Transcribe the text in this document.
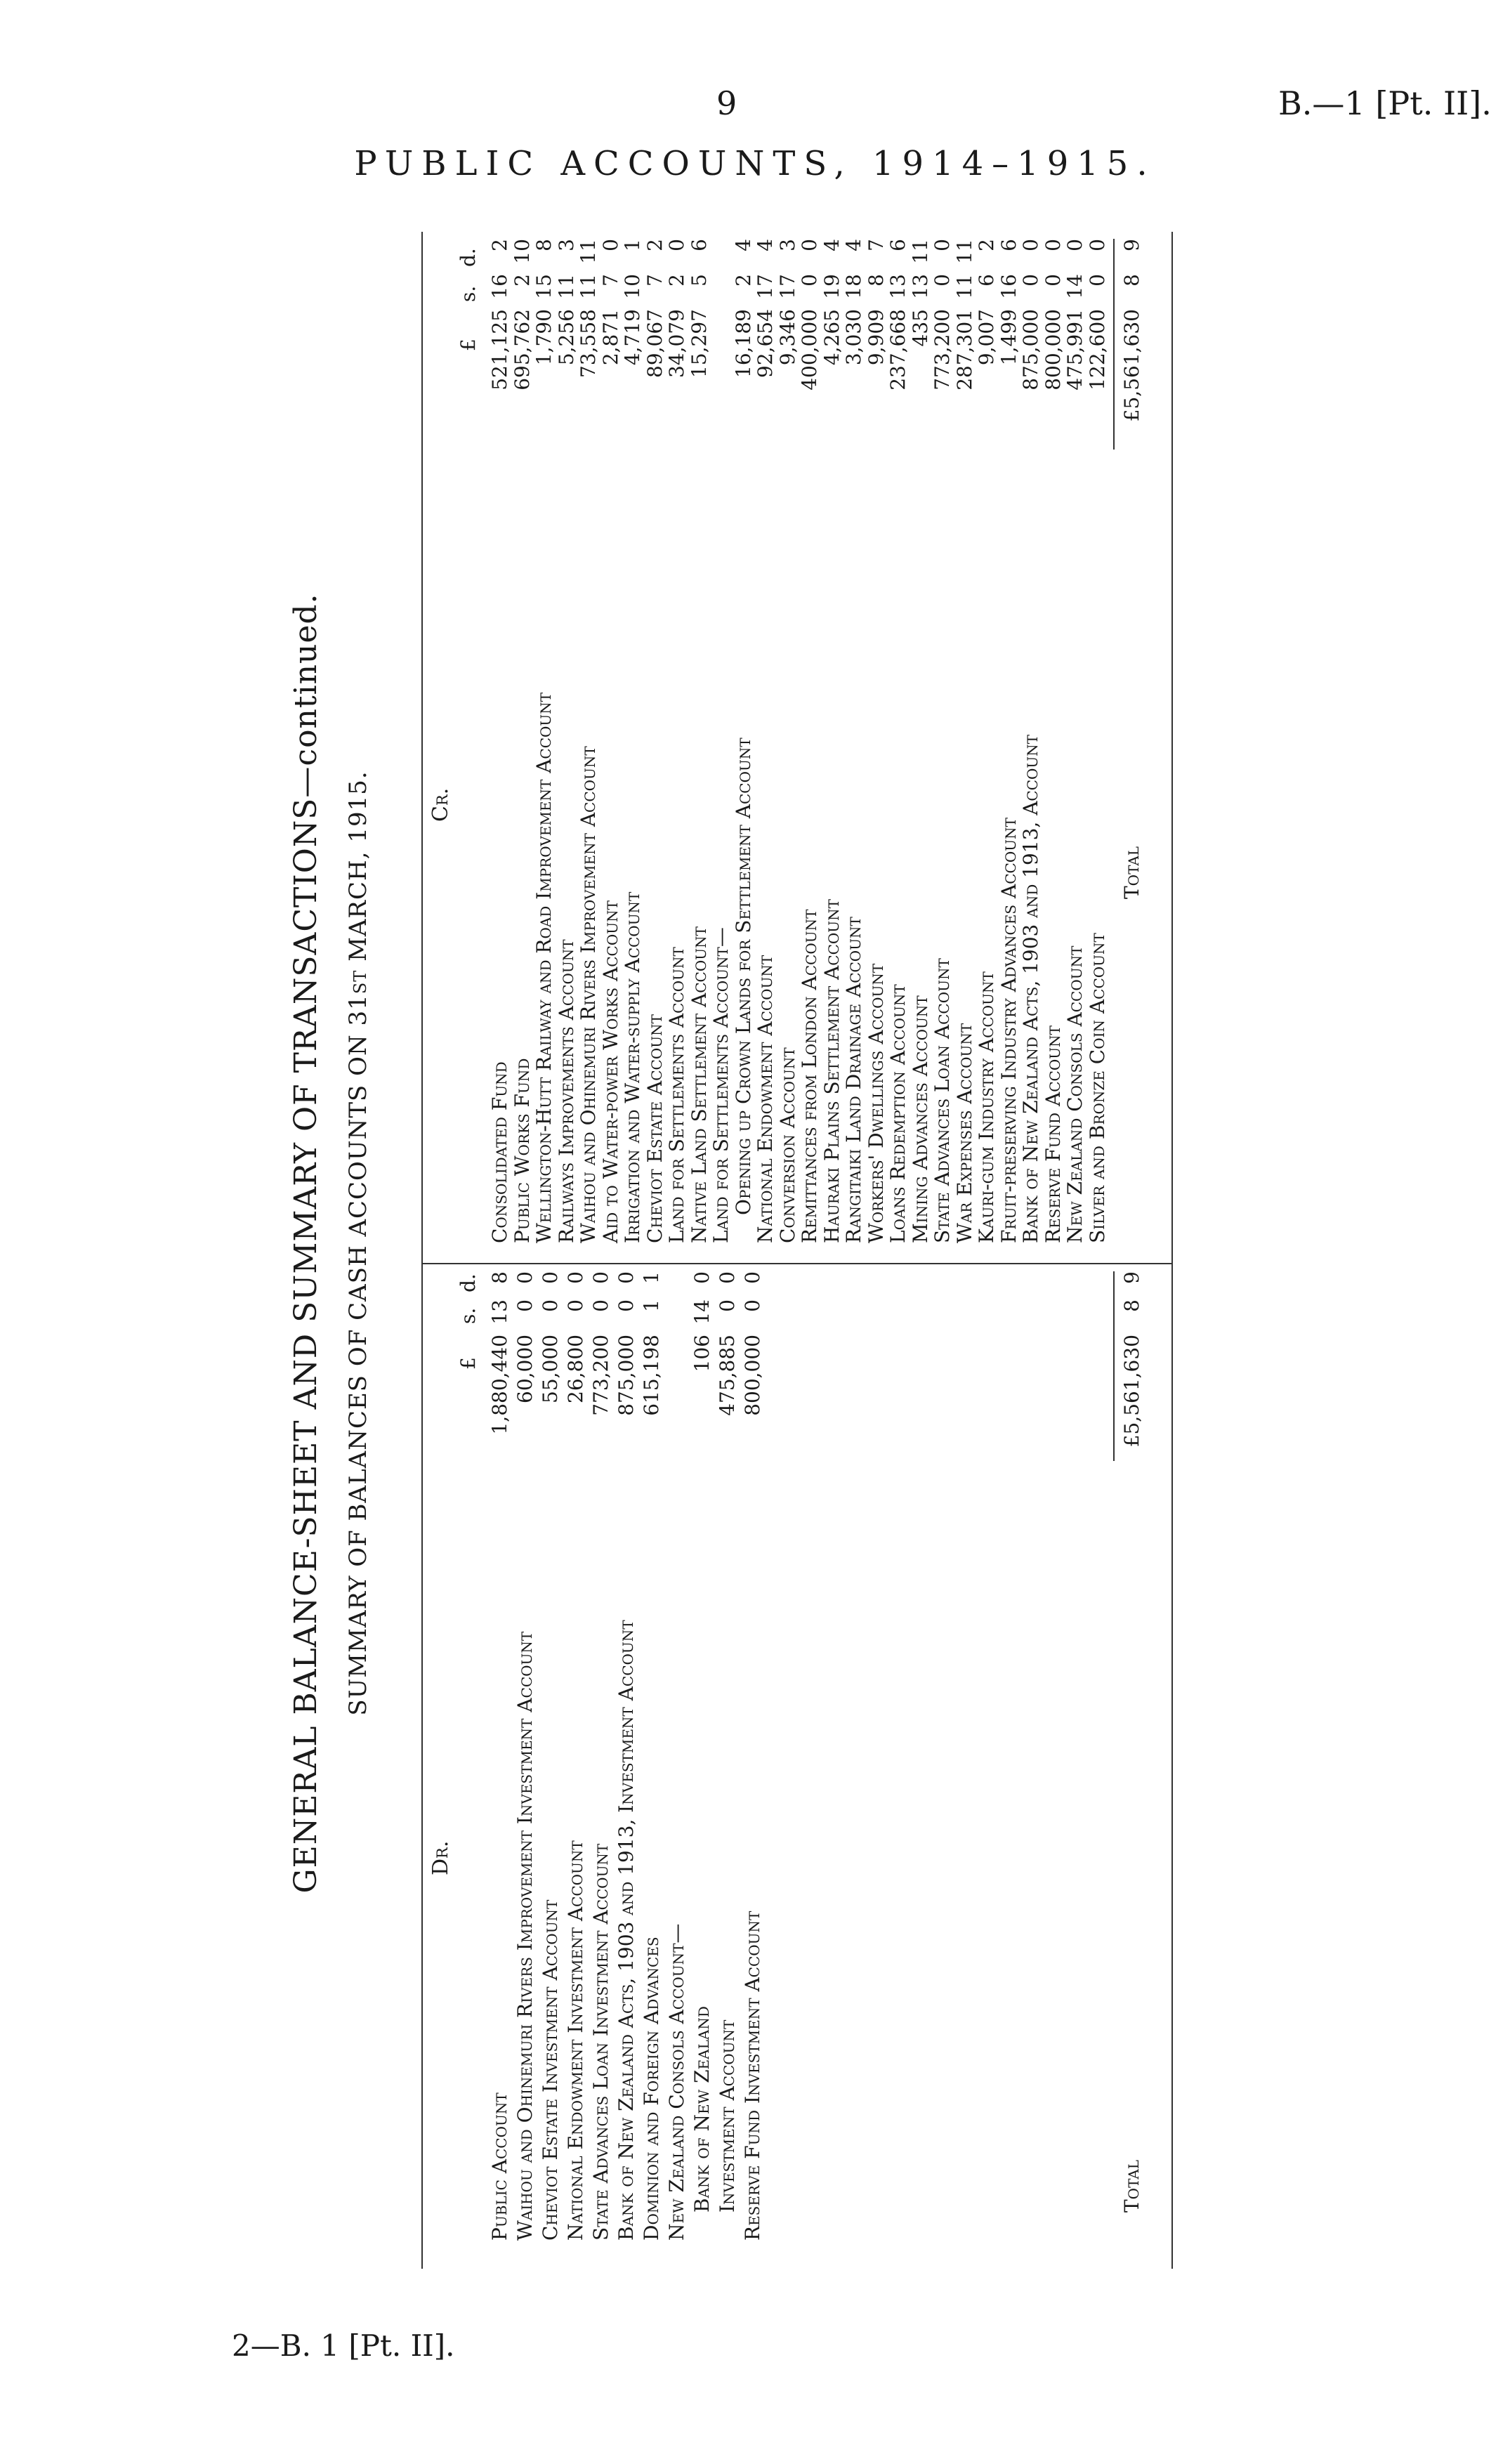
9	B.—1 [Pt. II].
PUBLIC ACCOUNTS, 1914–1915.
GENERAL BALANCE-SHEET AND SUMMARY OF TRANSACTIONS—continued. SUMMARY OF BALANCES OF CASH ACCOUNTS ON 31st MARCH, 1915.
Dr.
£
s.
d.
Public Account
1,880,440
13
8
Waihou and Ohinemuri Rivers Improvement Investment Account
60,000
0
0
Cheviot Estate Investment Account
55,000
0
0
National Endowment Investment Account
26,800
0
0
State Advances Loan Investment Account
773,200
0
0
Bank of New Zealand Acts, 1903 and 1913, Investment Account
875,000
0
0
Dominion and Foreign Advances
615,198
1
1
New Zealand Consols Account— Bank of New Zealand
106
14
0
Investment Account
475,885
0
0
Reserve Fund Investment Account
800,000
0
0
Total
£5,561,630
8
9
Cr.
£
s.
d.
Consolidated Fund
521,125
16
2
Public Works Fund
695,762
2
10
Wellington-Hutt Railway and Road Improvement Account
1,790
15
8
Railways Improvements Account
5,256
11
3
Waihou and Ohinemuri Rivers Improvement Account
73,558
11
11
Aid to Water-power Works Account
2,871
7
0
Irrigation and Water-supply Account
4,719
10
1
Cheviot Estate Account
89,067
7
2
Land for Settlements Account
34,079
2
0
Native Land Settlement Account
15,297
5
6
Land for Settlements Account—
Opening up Crown Lands for Settlement Account
16,189
2
4
National Endowment Account
92,654
17
4
Conversion Account
9,346
17
3
Remittances from London Account
400,000
0
0
Hauraki Plains Settlement Account
4,265
19
4
Rangitaiki Land Drainage Account
3,030
18
4
Workers' Dwellings Account
9,909
8
7
Loans Redemption Account
237,668
13
6
Mining Advances Account
435
13
11
State Advances Loan Account
773,200
0
0
War Expenses Account
287,301
11
11
Kauri-gum Industry Account
9,007
6
2
Fruit-preserving Industry Advances Account
1,499
16
6
Bank of New Zealand Acts, 1903 and 1913, Account
875,000
0
0
Reserve Fund Account
800,000
0
0
New Zealand Consols Account
475,991
14
0
Silver and Bronze Coin Account
122,600
0
0
Total
£5,561,630
8
9
2—B. 1 [Pt. II].
